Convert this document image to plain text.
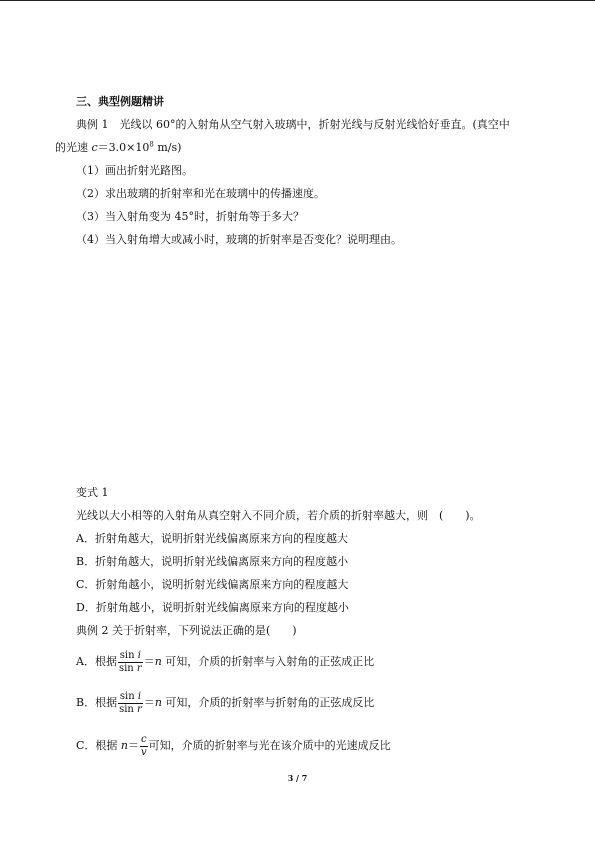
三、典型例题精讲
典例 1　 光线以 60°的入射角从空气射入玻璃中，折射光线与反射光线恰好垂直。(真空中
的光速 $c=3.0\times 10^8$ m/s)
（1）画出折射光路图。
（2）求出玻璃的折射率和光在玻璃中的传播速度。
（3）当入射角变为 45°时，折射角等于多大？
（4）当入射角增大或减小时，玻璃的折射率是否变化？说明理由。
变式 1
光线以大小相等的入射角从真空射入不同介质，若介质的折射率越大，则　(　　)。
A．折射角越大，说明折射光线偏离原来方向的程度越大
B．折射角越大，说明折射光线偏离原来方向的程度越小
C．折射角越小，说明折射光线偏离原来方向的程度越大
D．折射角越小，说明折射光线偏离原来方向的程度越小
典例 2 关于折射率，下列说法正确的是(　　)
A．根据 $\frac{\text{sin i}}{\text{sin r}} =n$ 可知，介质的折射率与入射角的正弦成正比
B．根据 $\frac{\text{sin i}}{\text{sin r}} =n$ 可知，介质的折射率与折射角的正弦成反比
C．根据 $n= \frac{c}{v}$ 可知，介质的折射率与光在该介质中的光速成反比
3 / 7
